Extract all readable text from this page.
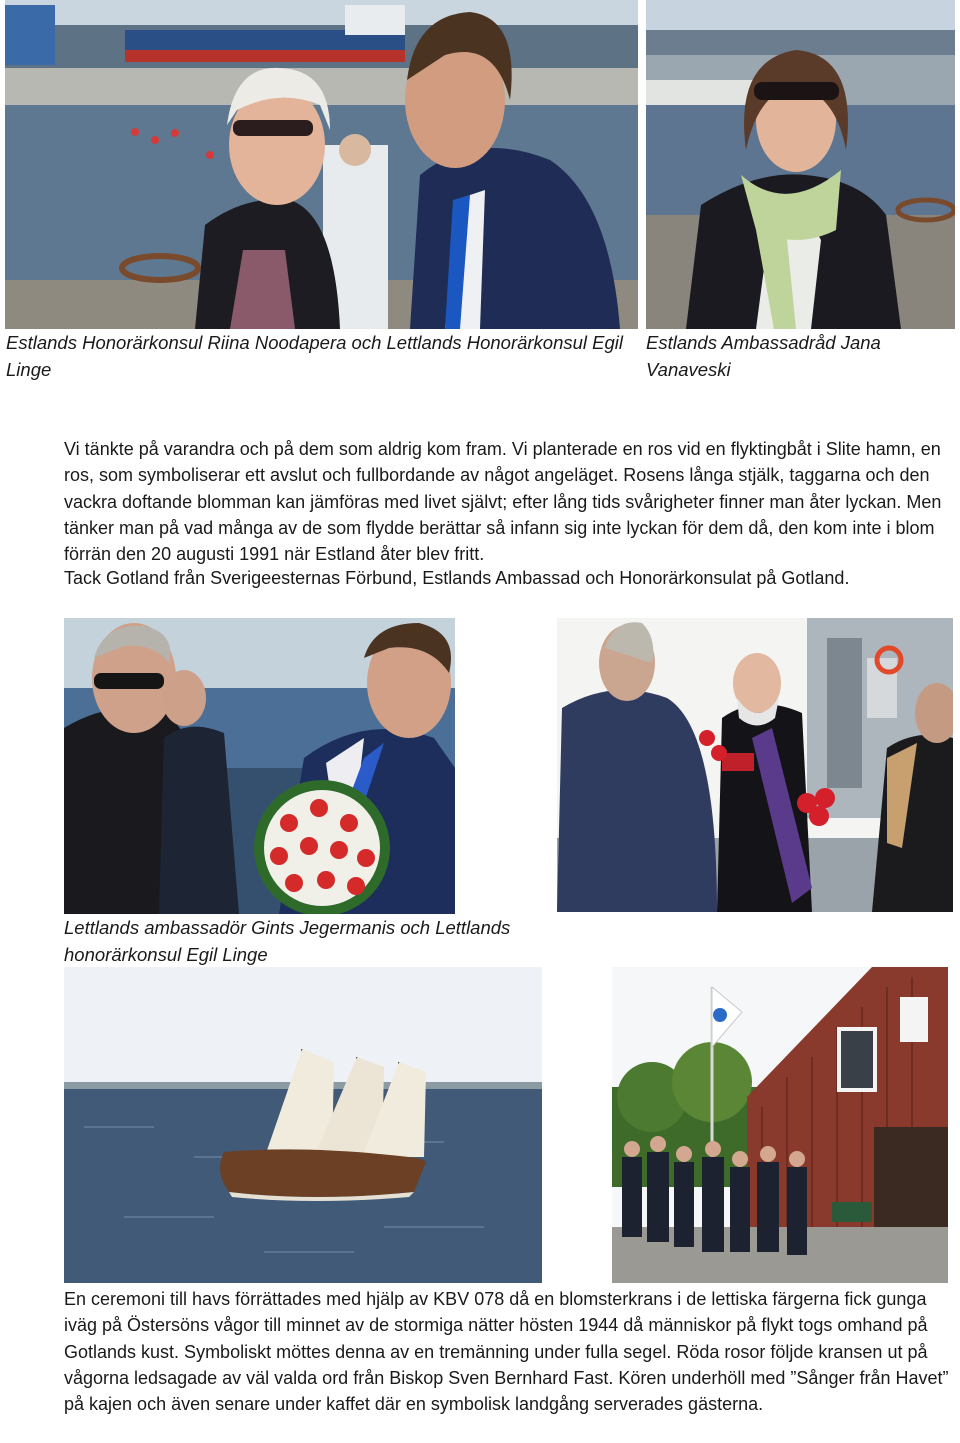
Estlands Honorärkonsul Riina Noodapera och Lettlands Honorärkonsul Egil Linge

Estlands Ambassadråd Jana Vanaveski

Vi tänkte på varandra och på dem som aldrig kom fram. Vi planterade en ros vid en flyktingbåt i Slite hamn, en ros, som symboliserar ett avslut och fullbordande av något angeläget. Rosens långa stjälk, taggarna och den vackra doftande blomman kan jämföras med livet självt; efter lång tids svårigheter finner man åter lyckan. Men tänker man på vad många av de som flydde berättar så infann sig inte lyckan för dem då, den kom inte i blom förrän den 20 augusti 1991 när Estland åter blev fritt.

Tack Gotland från Sverigeesternas Förbund, Estlands Ambassad och Honorärkonsulat på Gotland.

Lettlands ambassadör Gints Jegermanis och Lettlands honorärkonsul Egil Linge

En ceremoni till havs förrättades med hjälp av KBV 078 då en blomsterkrans i de lettiska färgerna fick gunga iväg på Östersöns vågor till minnet av de stormiga nätter hösten 1944 då människor på flykt togs omhand på Gotlands kust. Symboliskt möttes denna av en tremänning under fulla segel. Röda rosor följde kransen ut på vågorna ledsagade av väl valda ord från Biskop Sven Bernhard Fast. Kören underhöll med ”Sånger från Havet” på kajen och även senare under kaffet där en symbolisk landgång serverades gästerna.
